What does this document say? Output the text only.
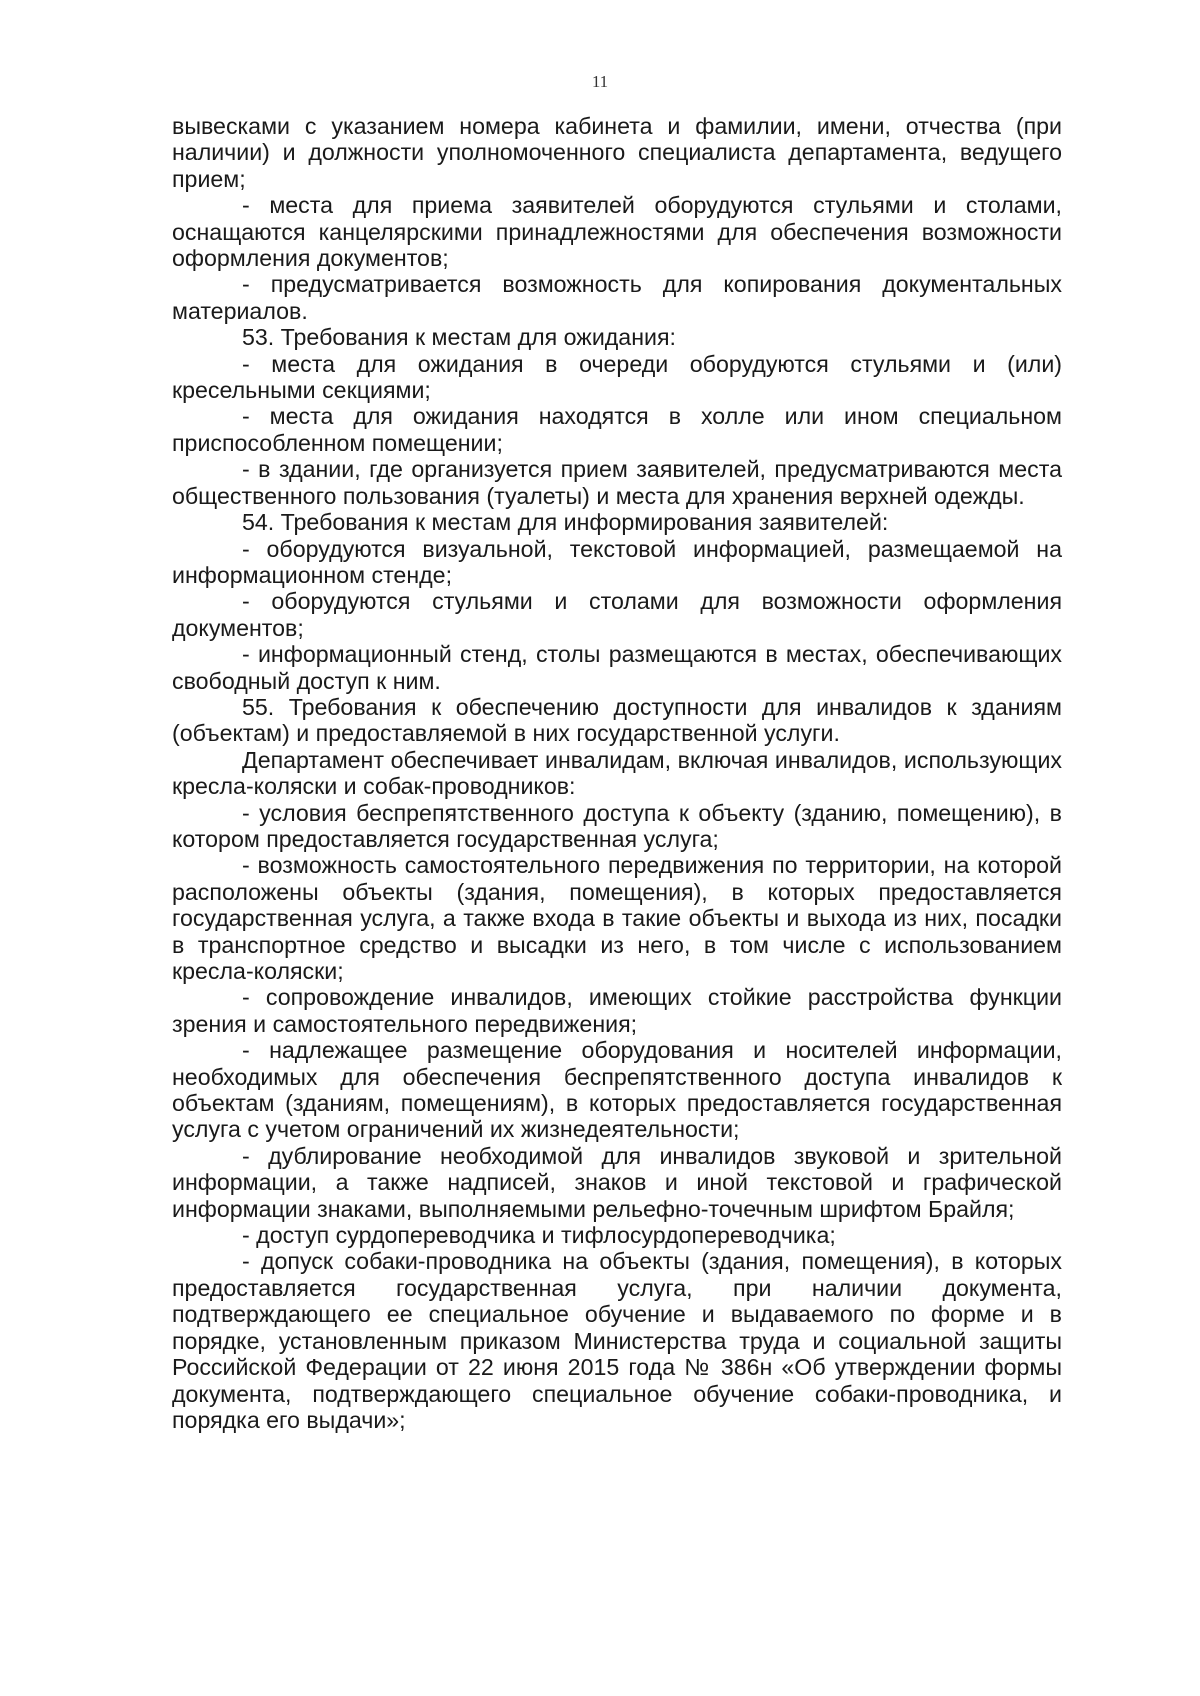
11

вывесками с указанием номера кабинета и фамилии, имени, отчества (при наличии) и должности уполномоченного специалиста департамента, ведущего прием;

- места для приема заявителей оборудуются стульями и столами, оснащаются канцелярскими принадлежностями для обеспечения возможности оформления документов;

- предусматривается возможность для копирования документальных материалов.

53. Требования к местам для ожидания:

- места для ожидания в очереди оборудуются стульями и (или) кресельными секциями;

- места для ожидания находятся в холле или ином специальном приспособленном помещении;

- в здании, где организуется прием заявителей, предусматриваются места общественного пользования (туалеты) и места для хранения верхней одежды.

54. Требования к местам для информирования заявителей:

- оборудуются визуальной, текстовой информацией, размещаемой на информационном стенде;

- оборудуются стульями и столами для возможности оформления документов;

- информационный стенд, столы размещаются в местах, обеспечивающих свободный доступ к ним.

55. Требования к обеспечению доступности для инвалидов к зданиям (объектам) и предоставляемой в них государственной услуги.

Департамент обеспечивает инвалидам, включая инвалидов, использующих кресла-коляски и собак-проводников:

- условия беспрепятственного доступа к объекту (зданию, помещению), в котором предоставляется государственная услуга;

- возможность самостоятельного передвижения по территории, на которой расположены объекты (здания, помещения), в которых предоставляется государственная услуга, а также входа в такие объекты и выхода из них, посадки в транспортное средство и высадки из него, в том числе с использованием кресла-коляски;

- сопровождение инвалидов, имеющих стойкие расстройства функции зрения и самостоятельного передвижения;

- надлежащее размещение оборудования и носителей информации, необходимых для обеспечения беспрепятственного доступа инвалидов к объектам (зданиям, помещениям), в которых предоставляется государственная услуга с учетом ограничений их жизнедеятельности;

- дублирование необходимой для инвалидов звуковой и зрительной информации, а также надписей, знаков и иной текстовой и графической информации знаками, выполняемыми рельефно-точечным шрифтом Брайля;

- доступ сурдопереводчика и тифлосурдопереводчика;

- допуск собаки-проводника на объекты (здания, помещения), в которых предоставляется государственная услуга, при наличии документа, подтверждающего ее специальное обучение и выдаваемого по форме и в порядке, установленным приказом Министерства труда и социальной защиты Российской Федерации от 22 июня 2015 года № 386н «Об утверждении формы документа, подтверждающего специальное обучение собаки-проводника, и порядка его выдачи»;
